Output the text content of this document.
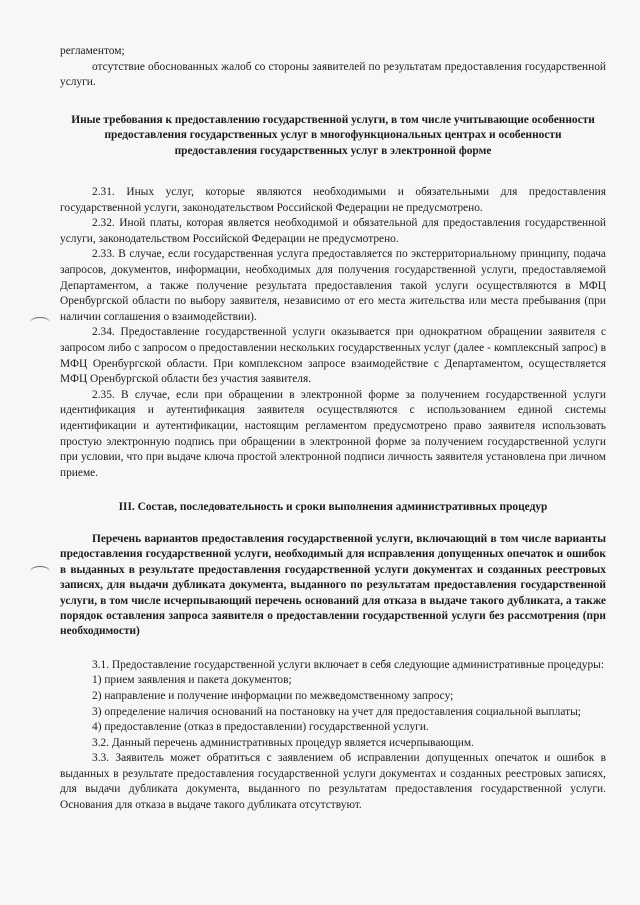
регламентом;

отсутствие обоснованных жалоб со стороны заявителей по результатам предоставления государственной услуги.

Иные требования к предоставлению государственной услуги, в том числе учитывающие особенности предоставления государственных услуг в многофункциональных центрах и особенности предоставления государственных услуг в электронной форме

2.31. Иных услуг, которые являются необходимыми и обязательными для предоставления государственной услуги, законодательством Российской Федерации не предусмотрено.

2.32. Иной платы, которая является необходимой и обязательной для предоставления государственной услуги, законодательством Российской Федерации не предусмотрено.

2.33. В случае, если государственная услуга предоставляется по экстерриториальному принципу, подача запросов, документов, информации, необходимых для получения государственной услуги, предоставляемой Департаментом, а также получение результата предоставления такой услуги осуществляются в МФЦ Оренбургской области по выбору заявителя, независимо от его места жительства или места пребывания (при наличии соглашения о взаимодействии).

2.34. Предоставление государственной услуги оказывается при однократном обращении заявителя с запросом либо с запросом о предоставлении нескольких государственных услуг (далее - комплексный запрос) в МФЦ Оренбургской области. При комплексном запросе взаимодействие с Департаментом, осуществляется МФЦ Оренбургской области без участия заявителя.

2.35. В случае, если при обращении в электронной форме за получением государственной услуги идентификация и аутентификация заявителя осуществляются с использованием единой системы идентификации и аутентификации, настоящим регламентом предусмотрено право заявителя использовать простую электронную подпись при обращении в электронной форме за получением государственной услуги при условии, что при выдаче ключа простой электронной подписи личность заявителя установлена при личном приеме.

III. Состав, последовательность и сроки выполнения административных процедур

Перечень вариантов предоставления государственной услуги, включающий в том числе варианты предоставления государственной услуги, необходимый для исправления допущенных опечаток и ошибок в выданных в результате предоставления государственной услуги документах и созданных реестровых записях, для выдачи дубликата документа, выданного по результатам предоставления государственной услуги, в том числе исчерпывающий перечень оснований для отказа в выдаче такого дубликата, а также порядок оставления запроса заявителя о предоставлении государственной услуги без рассмотрения (при необходимости)

3.1. Предоставление государственной услуги включает в себя следующие административные процедуры:

1) прием заявления и пакета документов;

2) направление и получение информации по межведомственному запросу;

3) определение наличия оснований на постановку на учет для предоставления социальной выплаты;

4) предоставление (отказ в предоставлении) государственной услуги.

3.2. Данный перечень административных процедур является исчерпывающим.

3.3. Заявитель может обратиться с заявлением об исправлении допущенных опечаток и ошибок в выданных в результате предоставления государственной услуги документах и созданных реестровых записях, для выдачи дубликата документа, выданного по результатам предоставления государственной услуги. Основания для отказа в выдаче такого дубликата отсутствуют.
